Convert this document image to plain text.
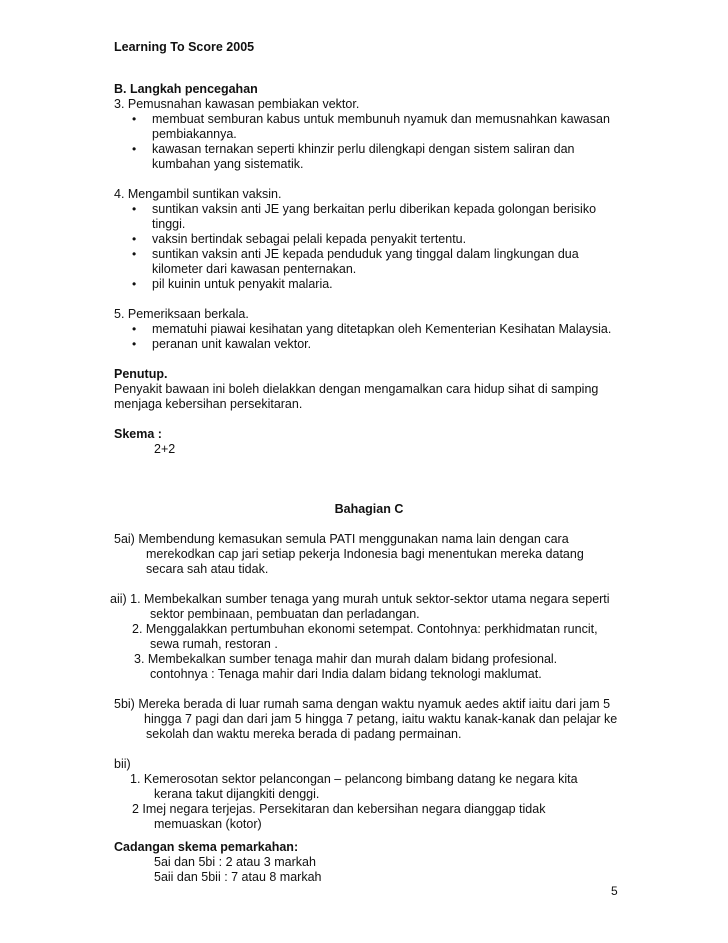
Learning To Score 2005
B. Langkah pencegahan
3. Pemusnahan kawasan pembiakan vektor.
• membuat semburan kabus untuk membunuh nyamuk dan memusnahkan kawasan
pembiakannya.
• kawasan ternakan seperti khinzir perlu dilengkapi dengan sistem saliran dan
kumbahan yang sistematik.
4. Mengambil suntikan vaksin.
• suntikan vaksin anti JE yang berkaitan perlu diberikan kepada golongan berisiko
tinggi.
• vaksin bertindak sebagai pelali kepada penyakit tertentu.
• suntikan vaksin anti JE kepada penduduk yang tinggal dalam lingkungan dua
kilometer dari kawasan penternakan.
• pil kuinin untuk penyakit malaria.
5. Pemeriksaan berkala.
• mematuhi piawai kesihatan yang ditetapkan oleh Kementerian Kesihatan Malaysia.
• peranan unit kawalan vektor.
Penutup.
Penyakit bawaan ini boleh dielakkan dengan mengamalkan cara hidup sihat di samping
menjaga kebersihan persekitaran.
Skema :
2+2
Bahagian C
5ai) Membendung kemasukan semula PATI menggunakan nama lain dengan cara
merekodkan cap jari setiap pekerja Indonesia bagi menentukan mereka datang
secara sah atau tidak.
aii) 1. Membekalkan sumber tenaga yang murah untuk sektor-sektor utama negara seperti
sektor pembinaan, pembuatan dan perladangan.
2. Menggalakkan pertumbuhan ekonomi setempat. Contohnya: perkhidmatan runcit,
sewa rumah, restoran .
3. Membekalkan sumber tenaga mahir dan murah dalam bidang profesional.
contohnya : Tenaga mahir dari India dalam bidang teknologi maklumat.
5bi) Mereka berada di luar rumah sama dengan waktu nyamuk aedes aktif iaitu dari jam 5
hingga 7 pagi dan dari jam 5 hingga 7 petang, iaitu waktu kanak-kanak dan pelajar ke
sekolah dan waktu mereka berada di padang permainan.
bii)
1. Kemerosotan sektor pelancongan – pelancong bimbang datang ke negara kita
kerana takut dijangkiti denggi.
2 Imej negara terjejas. Persekitaran dan kebersihan negara dianggap tidak
memuaskan (kotor)
Cadangan skema pemarkahan:
5ai dan 5bi : 2 atau 3 markah
5aii dan 5bii : 7 atau 8 markah
5
